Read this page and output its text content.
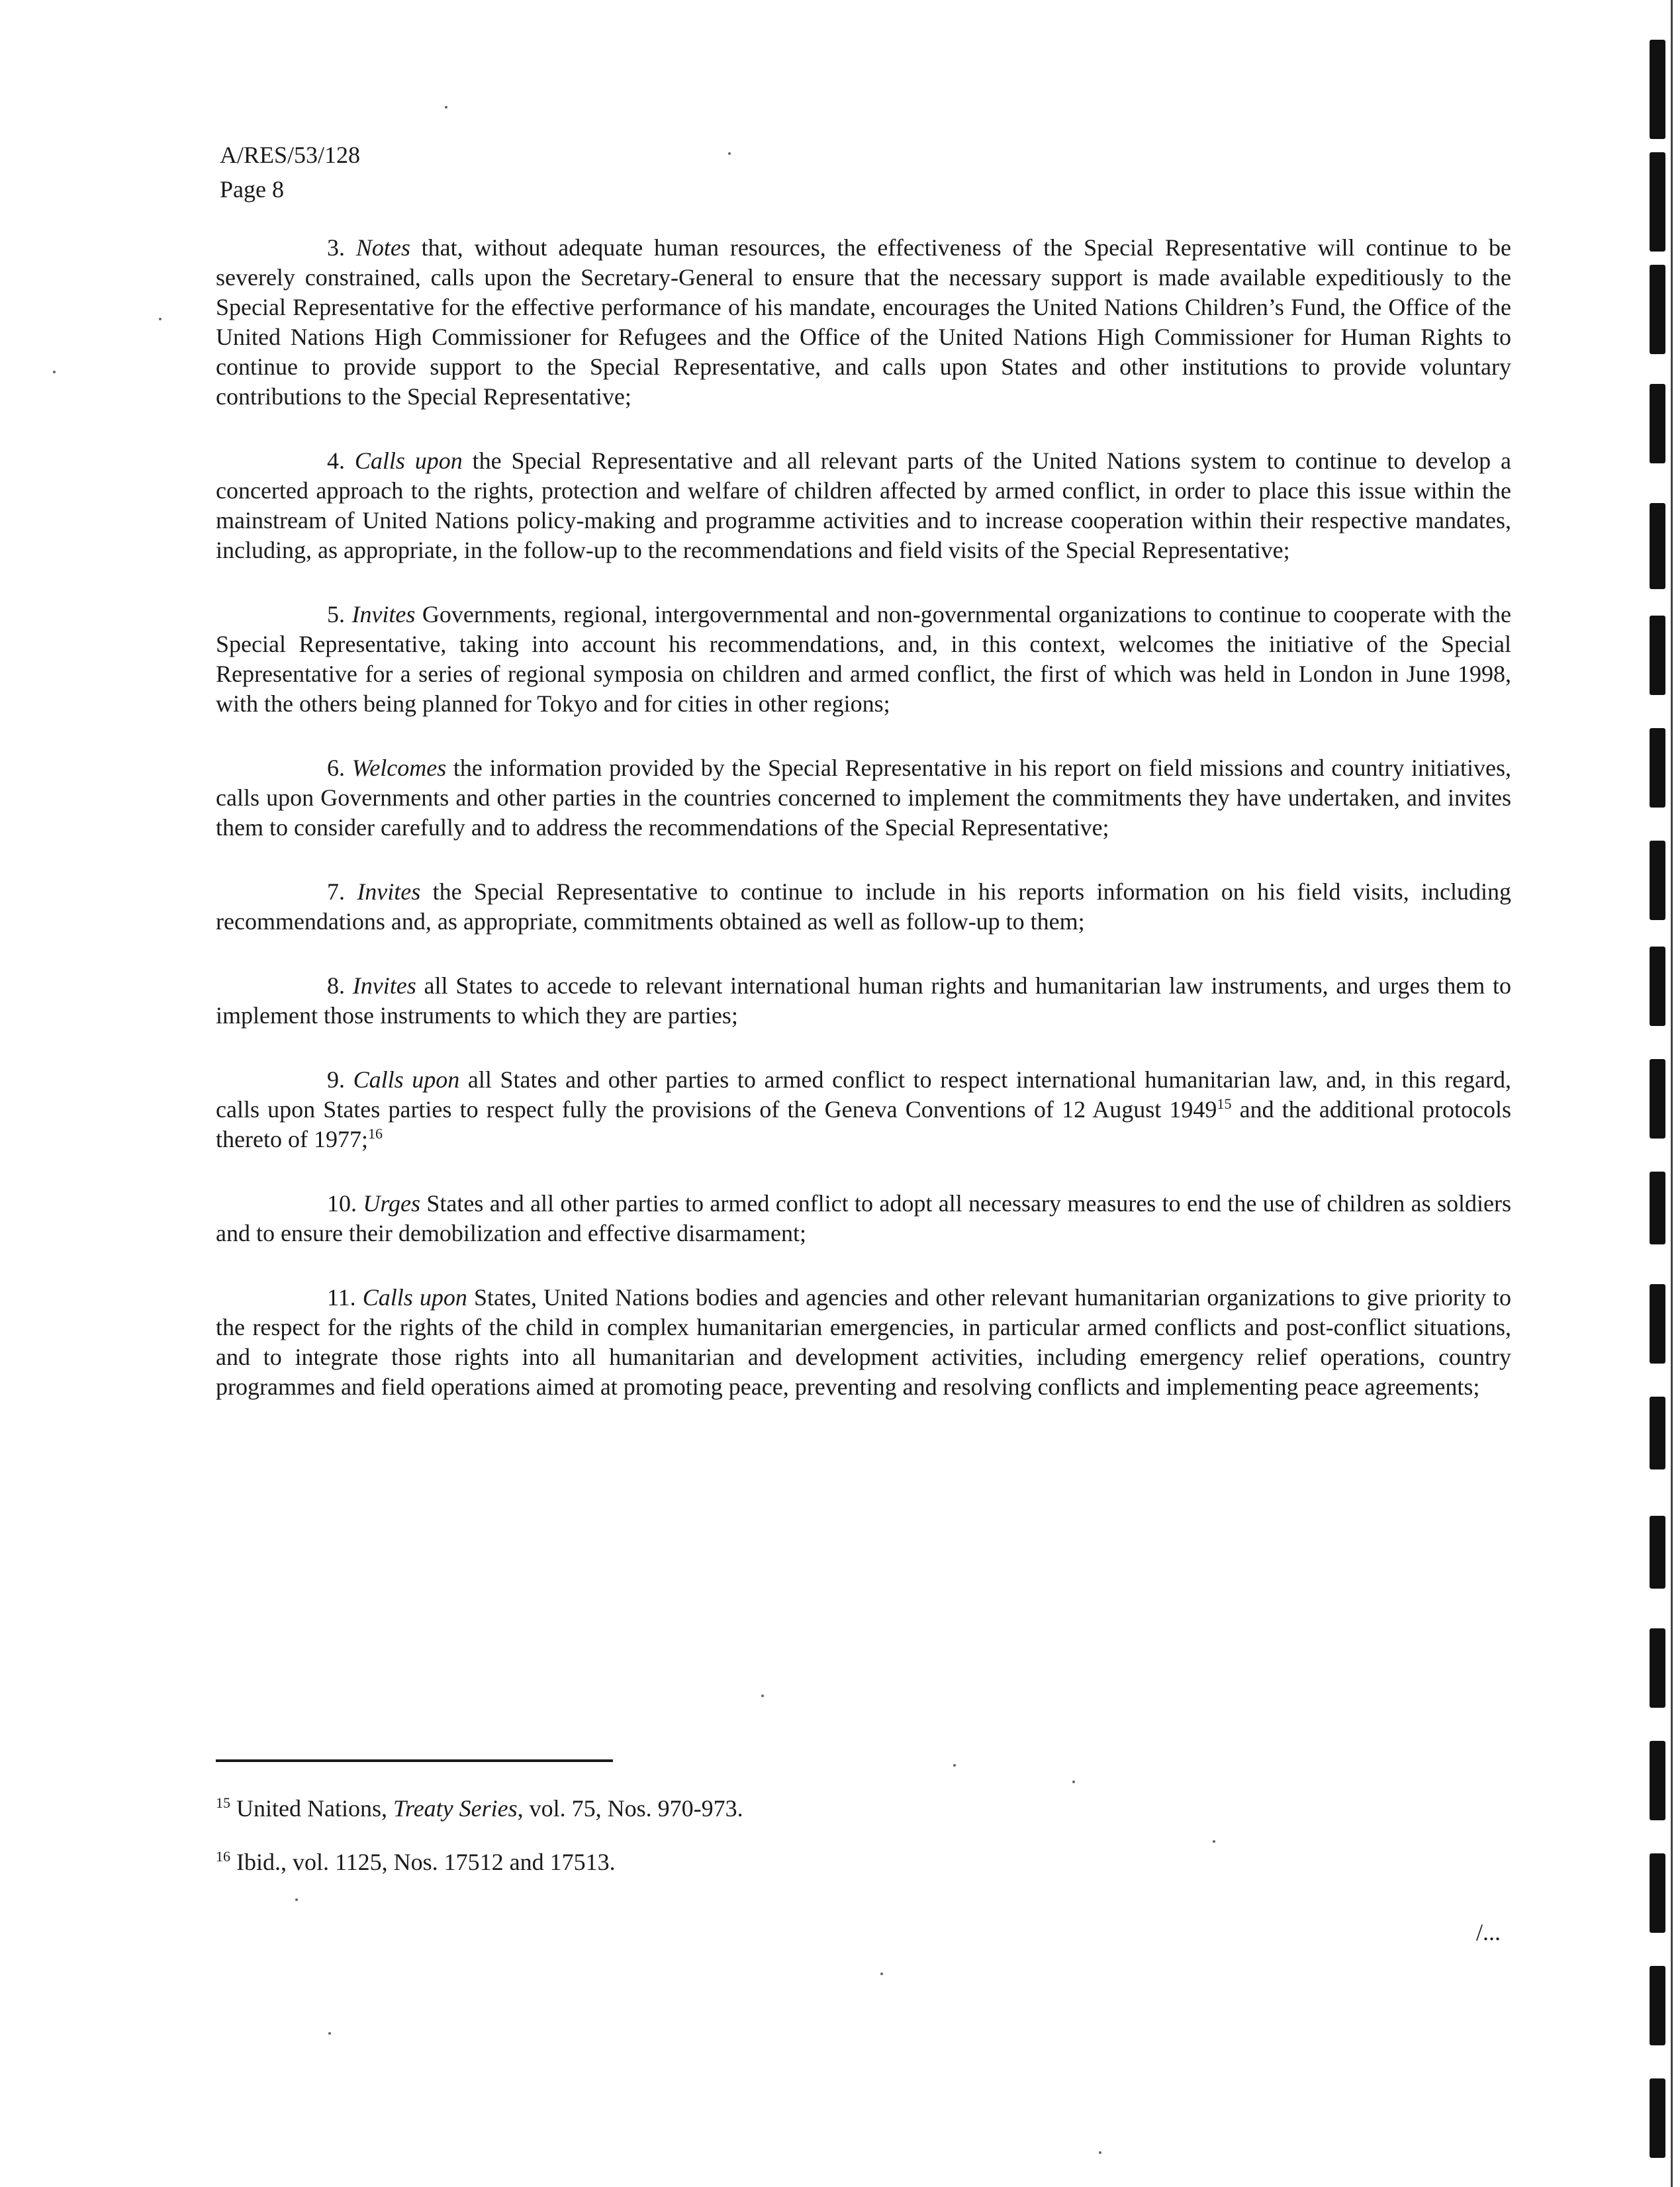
A/RES/53/128
Page 8

3. Notes that, without adequate human resources, the effectiveness of the Special Representative will continue to be severely constrained, calls upon the Secretary-General to ensure that the necessary support is made available expeditiously to the Special Representative for the effective performance of his mandate, encourages the United Nations Children’s Fund, the Office of the United Nations High Commissioner for Refugees and the Office of the United Nations High Commissioner for Human Rights to continue to provide support to the Special Representative, and calls upon States and other institutions to provide voluntary contributions to the Special Representative;

4. Calls upon the Special Representative and all relevant parts of the United Nations system to continue to develop a concerted approach to the rights, protection and welfare of children affected by armed conflict, in order to place this issue within the mainstream of United Nations policy-making and programme activities and to increase cooperation within their respective mandates, including, as appropriate, in the follow-up to the recommendations and field visits of the Special Representative;

5. Invites Governments, regional, intergovernmental and non-governmental organizations to continue to cooperate with the Special Representative, taking into account his recommendations, and, in this context, welcomes the initiative of the Special Representative for a series of regional symposia on children and armed conflict, the first of which was held in London in June 1998, with the others being planned for Tokyo and for cities in other regions;

6. Welcomes the information provided by the Special Representative in his report on field missions and country initiatives, calls upon Governments and other parties in the countries concerned to implement the commitments they have undertaken, and invites them to consider carefully and to address the recommendations of the Special Representative;

7. Invites the Special Representative to continue to include in his reports information on his field visits, including recommendations and, as appropriate, commitments obtained as well as follow-up to them;

8. Invites all States to accede to relevant international human rights and humanitarian law instruments, and urges them to implement those instruments to which they are parties;

9. Calls upon all States and other parties to armed conflict to respect international humanitarian law, and, in this regard, calls upon States parties to respect fully the provisions of the Geneva Conventions of 12 August 1949$^{15}$ and the additional protocols thereto of 1977;$^{16}$

10. Urges States and all other parties to armed conflict to adopt all necessary measures to end the use of children as soldiers and to ensure their demobilization and effective disarmament;

11. Calls upon States, United Nations bodies and agencies and other relevant humanitarian organizations to give priority to the respect for the rights of the child in complex humanitarian emergencies, in particular armed conflicts and post-conflict situations, and to integrate those rights into all humanitarian and development activities, including emergency relief operations, country programmes and field operations aimed at promoting peace, preventing and resolving conflicts and implementing peace agreements;

$^{15}$ United Nations, Treaty Series, vol. 75, Nos. 970-973.
$^{16}$ Ibid., vol. 1125, Nos. 17512 and 17513.
/...
